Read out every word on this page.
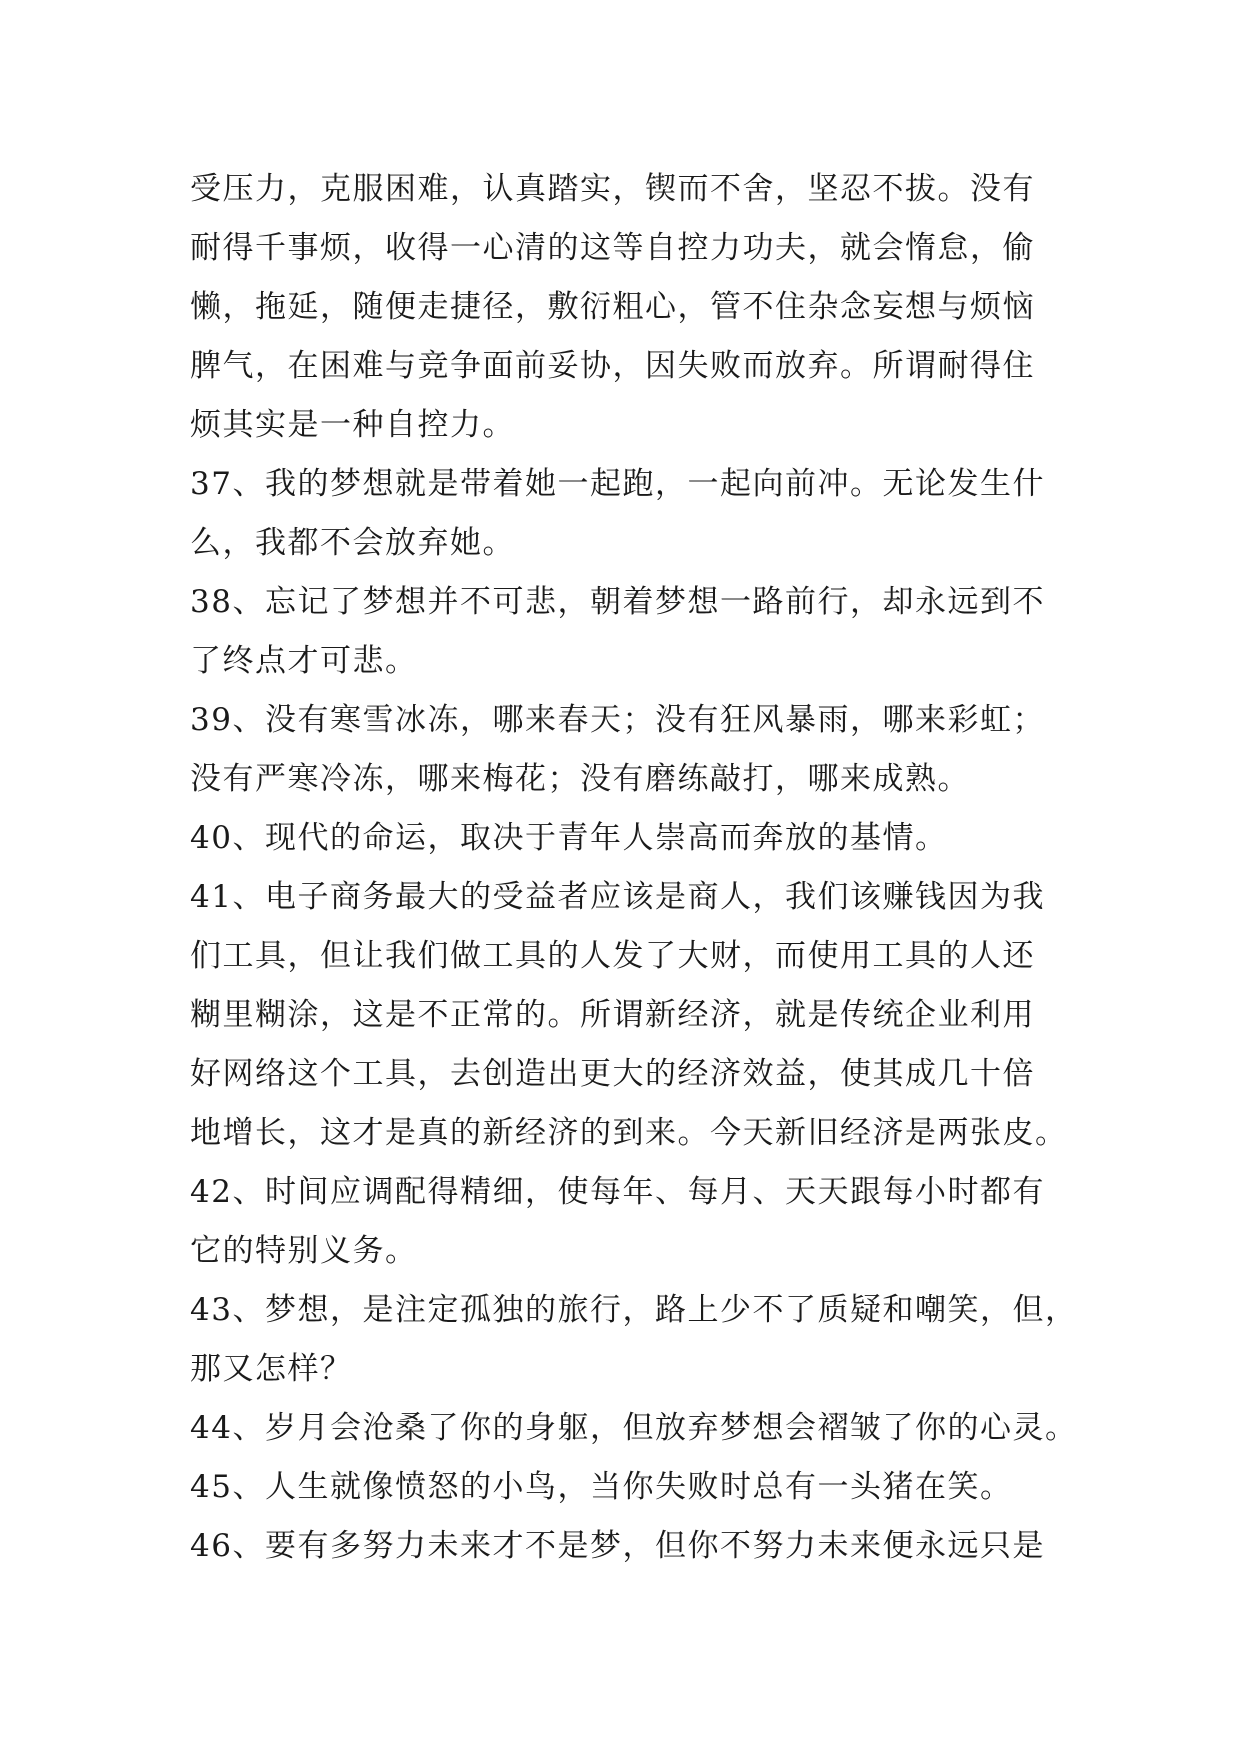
受压力，克服困难，认真踏实，锲而不舍，坚忍不拔。没有
耐得千事烦，收得一心清的这等自控力功夫，就会惰怠，偷
懒，拖延，随便走捷径，敷衍粗心，管不住杂念妄想与烦恼
脾气，在困难与竞争面前妥协，因失败而放弃。所谓耐得住
烦其实是一种自控力。
37、我的梦想就是带着她一起跑，一起向前冲。无论发生什
么，我都不会放弃她。
38、忘记了梦想并不可悲，朝着梦想一路前行，却永远到不
了终点才可悲。
39、没有寒雪冰冻，哪来春天；没有狂风暴雨，哪来彩虹；
没有严寒冷冻，哪来梅花；没有磨练敲打，哪来成熟。
40、现代的命运，取决于青年人崇高而奔放的基情。
41、电子商务最大的受益者应该是商人，我们该赚钱因为我
们工具，但让我们做工具的人发了大财，而使用工具的人还
糊里糊涂，这是不正常的。所谓新经济，就是传统企业利用
好网络这个工具，去创造出更大的经济效益，使其成几十倍
地增长，这才是真的新经济的到来。今天新旧经济是两张皮。
42、时间应调配得精细，使每年、每月、天天跟每小时都有
它的特别义务。
43、梦想，是注定孤独的旅行，路上少不了质疑和嘲笑，但，
那又怎样？
44、岁月会沧桑了你的身躯，但放弃梦想会褶皱了你的心灵。
45、人生就像愤怒的小鸟，当你失败时总有一头猪在笑。
46、要有多努力未来才不是梦，但你不努力未来便永远只是
